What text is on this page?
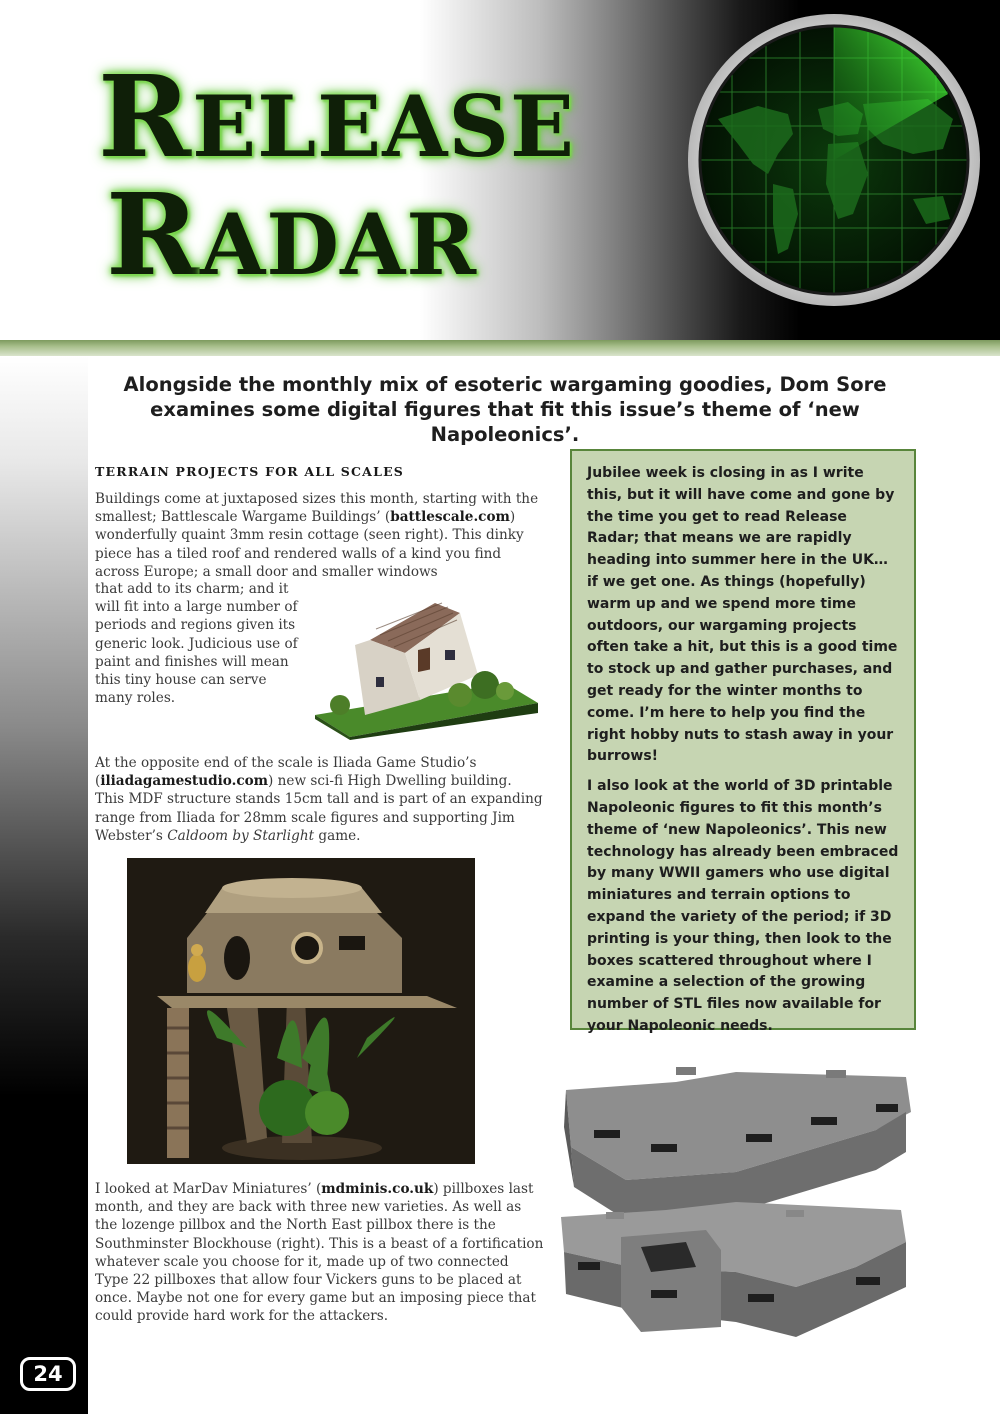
RELEASE
RADAR

Alongside the monthly mix of esoteric wargaming goodies, Dom Sore examines some digital figures that fit this issue’s theme of ‘new Napoleonics’.

TERRAIN PROJECTS FOR ALL SCALES

Buildings come at juxtaposed sizes this month, starting with the smallest; Battlescale Wargame Buildings’ (battlescale.com) wonderfully quaint 3mm resin cottage (seen right). This dinky piece has a tiled roof and rendered walls of a kind you find across Europe; a small door and smaller windows

that add to its charm; and it will fit into a large number of periods and regions given its generic look. Judicious use of paint and finishes will mean this tiny house can serve many roles.

At the opposite end of the scale is Iliada Game Studio’s (iliadagamestudio.com) new sci-fi High Dwelling building. This MDF structure stands 15cm tall and is part of an expanding range from Iliada for 28mm scale figures and supporting Jim Webster’s Caldoom by Starlight game.

I looked at MarDav Miniatures’ (mdminis.co.uk) pillboxes last month, and they are back with three new varieties. As well as the lozenge pillbox and the North East pillbox there is the Southminster Blockhouse (right). This is a beast of a fortification whatever scale you choose for it, made up of two connected Type 22 pillboxes that allow four Vickers guns to be placed at once. Maybe not one for every game but an imposing piece that could provide hard work for the attackers.

Jubilee week is closing in as I write this, but it will have come and gone by the time you get to read Release Radar; that means we are rapidly heading into summer here in the UK… if we get one. As things (hopefully) warm up and we spend more time outdoors, our wargaming projects often take a hit, but this is a good time to stock up and gather purchases, and get ready for the winter months to come. I’m here to help you find the right hobby nuts to stash away in your burrows!

I also look at the world of 3D printable Napoleonic figures to fit this month’s theme of ‘new Napoleonics’. This new technology has already been embraced by many WWII gamers who use digital miniatures and terrain options to expand the variety of the period; if 3D printing is your thing, then look to the boxes scattered throughout where I examine a selection of the growing number of STL files now available for your Napoleonic needs.

24
